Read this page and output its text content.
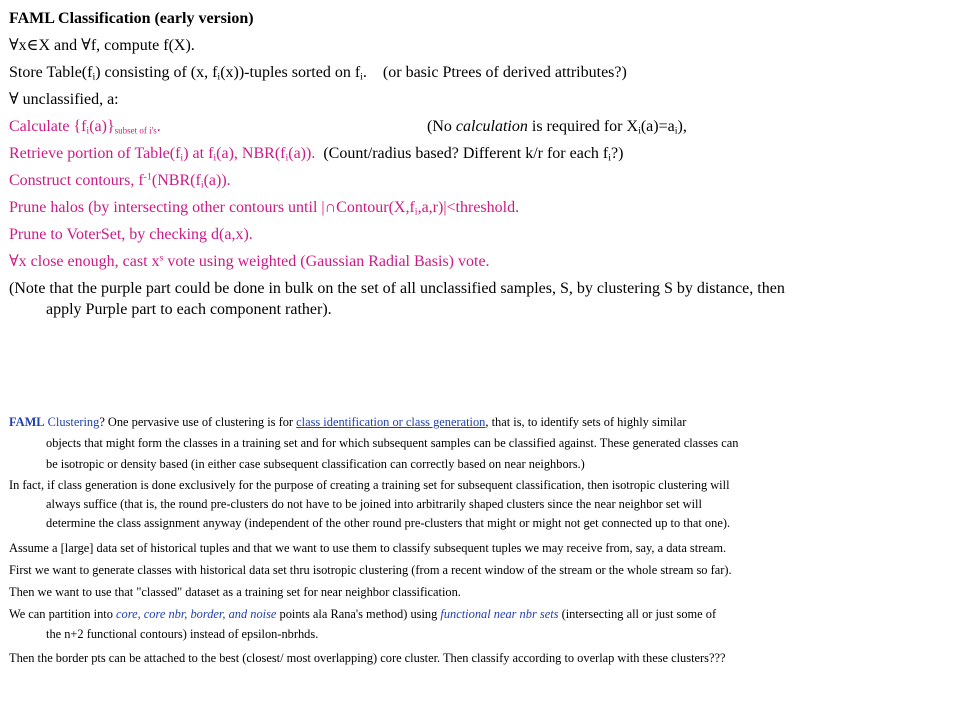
FAML Classification (early version)
∀x∈X and ∀f, compute f(X).
Store $Table(f_i)$ consisting of (x, $f_i(x)$)-tuples sorted on $f_i$. (or basic Ptrees of derived attributes?)
∀ unclassified, a:
Calculate $\{f_i(a)\}_{subset of i's}$.	(No calculation is required for $X_i(a)=a_i$),
Retrieve portion of $Table(f_i)$ at $f_i(a)$, $NBR(f_i(a))$. (Count/radius based? Different k/r for each $f_i$?)
Construct contours, $f^{-1}(NBR(f_i(a))$.
Prune halos (by intersecting other contours until $|\cap Contour(X,f_i,a,r)|<threshold$.
Prune to VoterSet, by checking d(a,x).
∀x close enough, cast $x^s$ vote using weighted (Gaussian Radial Basis) vote.
(Note that the purple part could be done in bulk on the set of all unclassified samples, S, by clustering S by distance, then
apply Purple part to each component rather).
FAML Clustering? One pervasive use of clustering is for class identification or class generation, that is, to identify sets of highly similar
objects that might form the classes in a training set and for which subsequent samples can be classified against. These generated classes can
be isotropic or density based (in either case subsequent classification can correctly based on near neighbors.)
In fact, if class generation is done exclusively for the purpose of creating a training set for subsequent classification, then isotropic clustering will
always suffice (that is, the round pre-clusters do not have to be joined into arbitrarily shaped clusters since the near neighbor set will
determine the class assignment anyway (independent of the other round pre-clusters that might or might not get connected up to that one).
Assume a [large] data set of historical tuples and that we want to use them to classify subsequent tuples we may receive from, say, a data stream.
First we want to generate classes with historical data set thru isotropic clustering (from a recent window of the stream or the whole stream so far).
Then we want to use that "classed" dataset as a training set for near neighbor classification.
We can partition into core, core nbr, border, and noise points ala Rana's method) using functional near nbr sets (intersecting all or just some of
the n+2 functional contours) instead of epsilon-nbrhds.
Then the border pts can be attached to the best (closest/ most overlapping) core cluster. Then classify according to overlap with these clusters???
